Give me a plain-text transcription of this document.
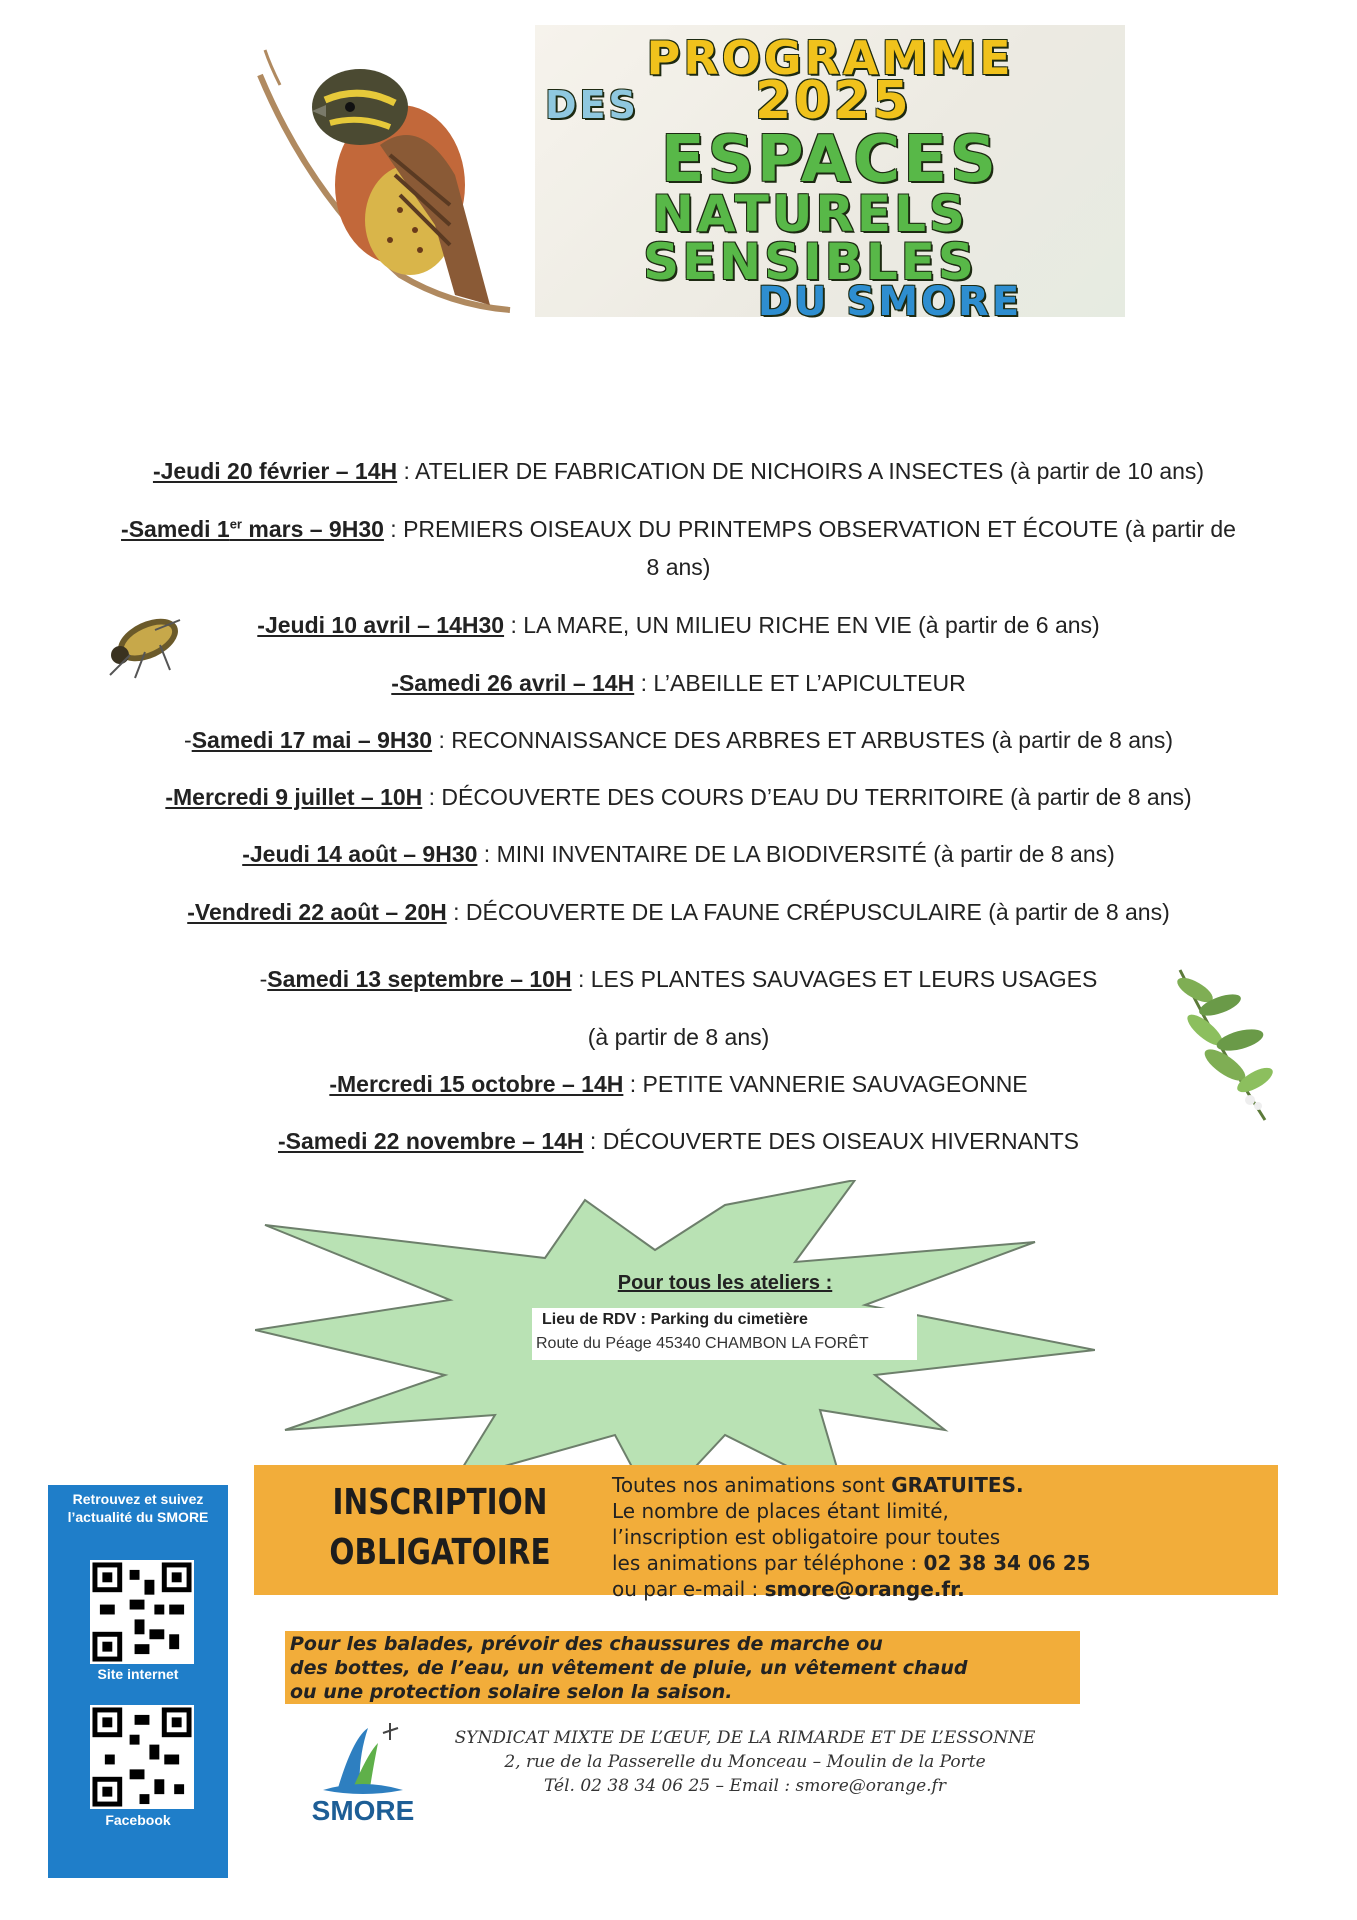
PROGRAMME
DES 2025
ESPACES
NATURELS
SENSIBLES
DU SMORE
-Jeudi 20 février – 14H : ATELIER DE FABRICATION DE NICHOIRS A INSECTES (à partir de 10 ans)
-Samedi 1er mars – 9H30 : PREMIERS OISEAUX DU PRINTEMPS OBSERVATION ET ÉCOUTE (à partir de
8 ans)
-Jeudi 10 avril – 14H30 : LA MARE, UN MILIEU RICHE EN VIE (à partir de 6 ans)
-Samedi 26 avril – 14H : L’ABEILLE ET L’APICULTEUR
-Samedi 17 mai – 9H30 : RECONNAISSANCE DES ARBRES ET ARBUSTES (à partir de 8 ans)
-Mercredi 9 juillet – 10H : DÉCOUVERTE DES COURS D’EAU DU TERRITOIRE (à partir de 8 ans)
-Jeudi 14 août – 9H30 : MINI INVENTAIRE DE LA BIODIVERSITÉ (à partir de 8 ans)
-Vendredi 22 août – 20H : DÉCOUVERTE DE LA FAUNE CRÉPUSCULAIRE (à partir de 8 ans)
-Samedi 13 septembre – 10H : LES PLANTES SAUVAGES ET LEURS USAGES
(à partir de 8 ans)
-Mercredi 15 octobre – 14H : PETITE VANNERIE SAUVAGEONNE
-Samedi 22 novembre – 14H : DÉCOUVERTE DES OISEAUX HIVERNANTS
Pour tous les ateliers :
Lieu de RDV : Parking du cimetière
Route du Péage 45340 CHAMBON LA FORÊT
INSCRIPTION
OBLIGATOIRE
Toutes nos animations sont GRATUITES.
Le nombre de places étant limité,
l’inscription est obligatoire pour toutes
les animations par téléphone : 02 38 34 06 25
ou par e-mail : smore@orange.fr.
Pour les balades, prévoir des chaussures de marche ou
des bottes, de l’eau, un vêtement de pluie, un vêtement chaud
ou une protection solaire selon la saison.
SMORE
SYNDICAT MIXTE DE L’ŒUF, DE LA RIMARDE ET DE L’ESSONNE
2, rue de la Passerelle du Monceau – Moulin de la Porte
Tél. 02 38 34 06 25 – Email : smore@orange.fr
Retrouvez et suivez
l’actualité du SMORE
Site internet
Facebook
